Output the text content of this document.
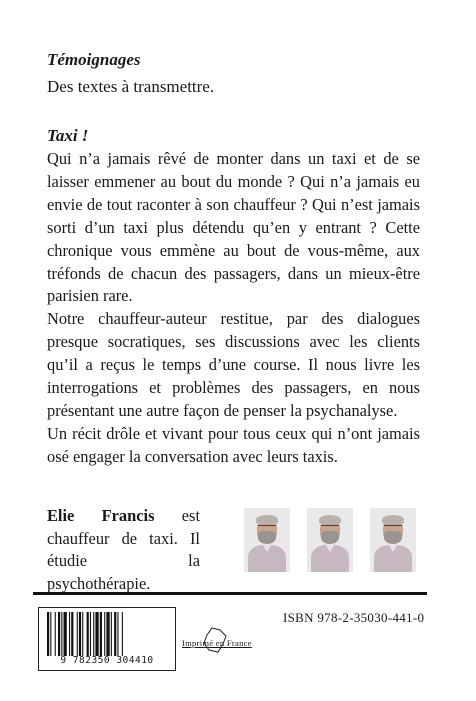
Témoignages
Des textes à transmettre.
Taxi !

Qui n’a jamais rêvé de monter dans un taxi et de se laisser emmener au bout du monde ? Qui n’a jamais eu envie de tout raconter à son chauffeur ? Qui n’est jamais sorti d’un taxi plus détendu qu’en y entrant ? Cette chronique vous emmène au bout de vous-même, aux tréfonds de chacun des passagers, dans un mieux-être parisien rare.

Notre chauffeur-auteur restitue, par des dialogues presque socratiques, ses discussions avec les clients qu’il a reçus le temps d’une course. Il nous livre les interrogations et problèmes des passagers, en nous présentant une autre façon de penser la psychanalyse.

Un récit drôle et vivant pour tous ceux qui n’ont jamais osé engager la conversation avec leurs taxis.

Elie Francis est chauffeur de taxi. Il étudie la psychothérapie.
9 782350 304410
Imprimé en France
ISBN 978-2-35030-441-0
